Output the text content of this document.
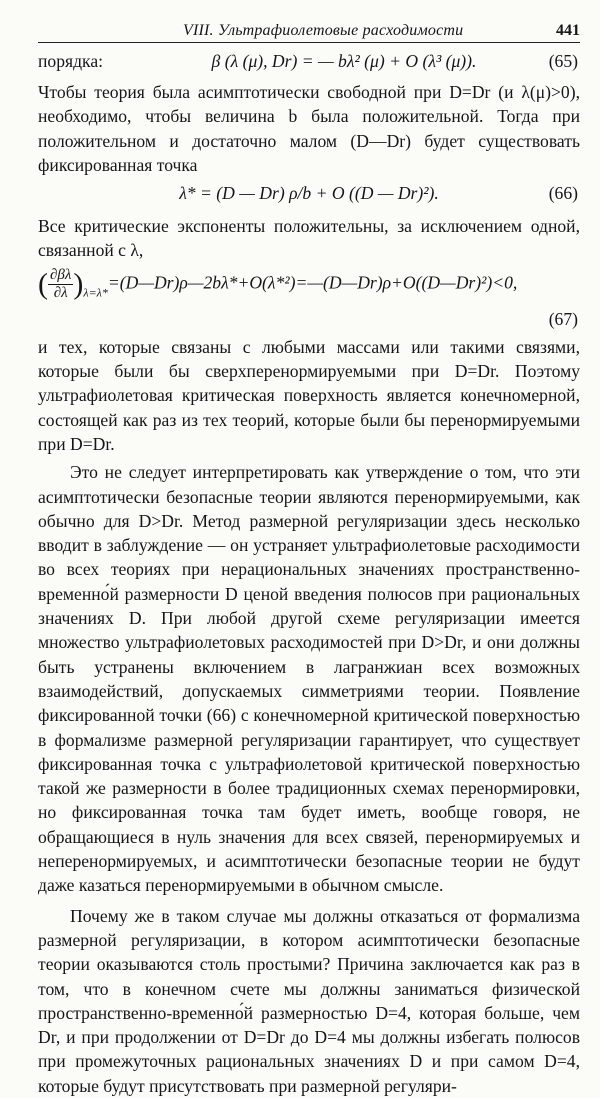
VIII. Ультрафиолетовые расходимости	441
порядка:	β (λ (μ), Dr) = — bλ² (μ) + O (λ³ (μ)).	(65)

Чтобы теория была асимптотически свободной при D=Dr (и λ(μ)>0), необходимо, чтобы величина b была положительной. Тогда при положительном и достаточно малом (D—Dr) будет существовать фиксированная точка

λ* = (D — Dr) ρ/b + O ((D — Dr)²).	(66)

Все критические экспоненты положительны, за исключением одной, связанной с λ,

( $\frac{\partial\beta\lambda}{\partial\lambda}$ )$_{\lambda=\lambda*}=(D—Dr)\rho—2b\lambda*+O(\lambda*^2)=—(D—Dr)\rho+O((D—Dr)^2)<0$,
(67)

и тех, которые связаны с любыми массами или такими связями, которые были бы сверхперенормируемыми при D=Dr. Поэтому ультрафиолетовая критическая поверхность является конечномерной, состоящей как раз из тех теорий, которые были бы перенормируемыми при D=Dr.

Это не следует интерпретировать как утверждение о том, что эти асимптотически безопасные теории являются перенормируемыми, как обычно для D>Dr. Метод размерной регуляризации здесь несколько вводит в заблуждение — он устраняет ультрафиолетовые расходимости во всех теориях при нерациональных значениях пространственно-временно́й размерности D ценой введения полюсов при рациональных значениях D. При любой другой схеме регуляризации имеется множество ультрафиолетовых расходимостей при D>Dr, и они должны быть устранены включением в лагранжиан всех возможных взаимодействий, допускаемых симметриями теории. Появление фиксированной точки (66) с конечномерной критической поверхностью в формализме размерной регуляризации гарантирует, что существует фиксированная точка с ультрафиолетовой критической поверхностью такой же размерности в более традиционных схемах перенормировки, но фиксированная точка там будет иметь, вообще говоря, не обращающиеся в нуль значения для всех связей, перенормируемых и неперенормируемых, и асимптотически безопасные теории не будут даже казаться перенормируемыми в обычном смысле.

Почему же в таком случае мы должны отказаться от формализма размерной регуляризации, в котором асимптотически безопасные теории оказываются столь простыми? Причина заключается как раз в том, что в конечном счете мы должны заниматься физической пространственно-временно́й размерностью D=4, которая больше, чем Dr, и при продолжении от D=Dr до D=4 мы должны избегать полюсов при промежуточных рациональных значениях D и при самом D=4, которые будут присутствовать при размерной регуляри-
